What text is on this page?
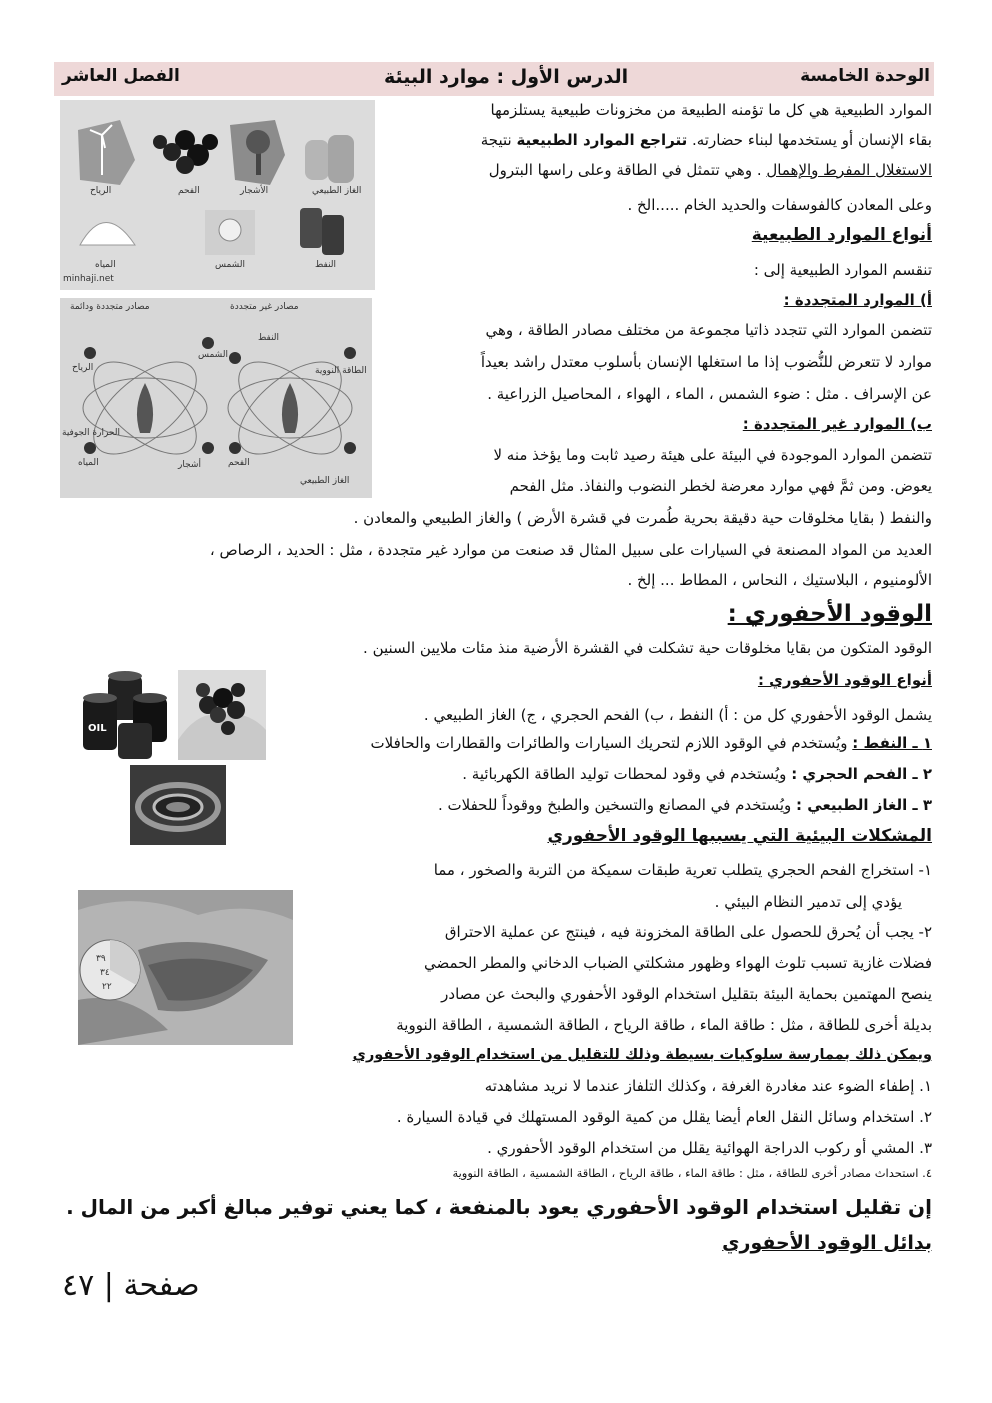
الوحدة الخامسة
الدرس الأول : موارد البيئة
الفصل العاشر
الغاز الطبيعي
الأشجار
الفحم
الرياح
النفط
الشمس
المياه
minhaji.net
مصادر متجددة ودائمة	مصادر غير متجددة
النفط
الطاقة النووية
الفحم
الغاز الطبيعي
الشمس
الرياح
الحرارة الجوفية
المياه	أشجار
الموارد الطبيعية هي كل ما تؤمنه الطبيعة من مخزونات طبيعية يستلزمها
بقاء الإنسان أو يستخدمها لبناء حضارته. تتراجع الموارد الطبيعية نتيجة
الاستغلال المفرط والإهمال . وهي تتمثل في الطاقة وعلى راسها البترول
وعلى المعادن كالفوسفات والحديد الخام .....الخ .
أنواع الموارد الطبيعية
تنقسم الموارد الطبيعية إلى :
أ) الموارد المتجددة :
تتضمن الموارد التي تتجدد ذاتيا مجموعة من مختلف مصادر الطاقة ، وهي
موارد لا تتعرض للنُّضوب إذا ما استغلها الإنسان بأسلوب معتدل راشد بعيداً
عن الإسراف . مثل : ضوء الشمس ، الماء ، الهواء ، المحاصيل الزراعية .
ب) الموارد غير المتجددة :
تتضمن الموارد الموجودة في البيئة على هيئة رصيد ثابت وما يؤخذ منه لا
يعوض. ومن ثمَّ فهي موارد معرضة لخطر النضوب والنفاذ. مثل الفحم
والنفط ( بقايا مخلوقات حية دقيقة بحرية طُمرت في قشرة الأرض ) والغاز الطبيعي والمعادن .
العديد من المواد المصنعة في السيارات على سبيل المثال قد صنعت من موارد غير متجددة ، مثل : الحديد ، الرصاص ،
الألومنيوم ، البلاستيك ، النحاس ، المطاط ... إلخ .
الوقود الأحفوري :
الوقود المتكون من بقايا مخلوقات حية تشكلت في القشرة الأرضية منذ مئات ملايين السنين .
OIL
أنواع الوقود الأحفوري :
يشمل الوقود الأحفوري كل من : أ) النفط ، ب) الفحم الحجري ، ج) الغاز الطبيعي .
١ ـ النفط : ويُستخدم في الوقود اللازم لتحريك السيارات والطائرات والقطارات والحافلات
٢ ـ الفحم الحجري : ويُستخدم في وقود لمحطات توليد الطاقة الكهربائية .
٣ ـ الغاز الطبيعي : ويُستخدم في المصانع والتسخين والطبخ ووقوداً للحفلات .
المشكلات البيئية التي يسببها الوقود الأحفوري
١- استخراج الفحم الحجري يتطلب تعرية طبقات سميكة من التربة والصخور ، مما
يؤدي إلى تدمير النظام البيئي .
٣٩
٣٤
٢٢
٢- يجب أن يُحرق للحصول على الطاقة المخزونة فيه ، فينتج عن عملية الاحتراق
فضلات غازية تسبب تلوث الهواء وظهور مشكلتي الضباب الدخاني والمطر الحمضي
ينصح المهتمين بحماية البيئة بتقليل استخدام الوقود الأحفوري والبحث عن مصادر
بديلة أخرى للطاقة ، مثل : طاقة الماء ، طاقة الرياح ، الطاقة الشمسية ، الطاقة النووية
ويمكن ذلك بممارسة سلوكيات بسيطة وذلك للتقليل من استخدام الوقود الأحفوري
١. إطفاء الضوء عند مغادرة الغرفة ، وكذلك التلفاز عندما لا نريد مشاهدته
٢. استخدام وسائل النقل العام أيضا يقلل من كمية الوقود المستهلك في قيادة السيارة .
٣. المشي أو ركوب الدراجة الهوائية يقلل من استخدام الوقود الأحفوري .
٤. استحداث مصادر أخرى للطاقة ، مثل : طاقة الماء ، طاقة الرياح ، الطاقة الشمسية ، الطاقة النووية
إن تقليل استخدام الوقود الأحفوري يعود بالمنفعة ، كما يعني توفير مبالغ أكبر من المال .
بدائل الوقود الأحفوري
صفحة | ٤٧
